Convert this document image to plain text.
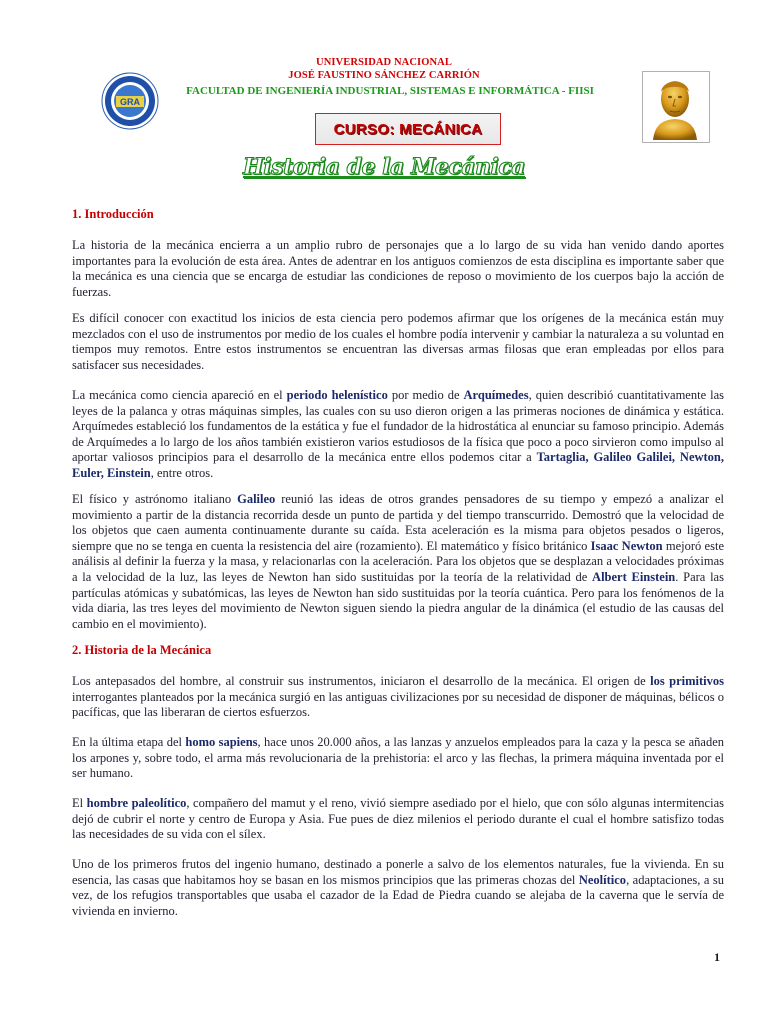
GRA
UNIVERSIDAD NACIONAL
JOSÉ FAUSTINO SÁNCHEZ CARRIÓN
FACULTAD DE INGENIERÍA INDUSTRIAL, SISTEMAS E INFORMÁTICA - FIISI
CURSO: MECÁNICA
Historia de la Mecánica
1. Introducción
La historia de la mecánica encierra a un amplio rubro de personajes que a lo largo de su vida han venido dando aportes importantes para la evolución de esta área. Antes de adentrar en los antiguos comienzos de esta disciplina es importante saber que la mecánica es una ciencia que se encarga de estudiar las condiciones de reposo o movimiento de los cuerpos bajo la acción de fuerzas.
Es difícil conocer con exactitud los inicios de esta ciencia pero podemos afirmar que los orígenes de la mecánica están muy mezclados con el uso de instrumentos por medio de los cuales el hombre podía intervenir y cambiar la naturaleza a su voluntad en tiempos muy remotos. Entre estos instrumentos se encuentran las diversas armas filosas que eran empleadas por ellos para satisfacer sus necesidades.
La mecánica como ciencia apareció en el periodo helenístico por medio de Arquímedes, quien describió cuantitativamente las leyes de la palanca y otras máquinas simples, las cuales con su uso dieron origen a las primeras nociones de dinámica y estática. Arquímedes estableció los fundamentos de la estática y fue el fundador de la hidrostática al enunciar su famoso principio. Además de Arquímedes a lo largo de los años también existieron varios estudiosos de la física que poco a poco sirvieron como impulso al aportar valiosos principios para el desarrollo de la mecánica entre ellos podemos citar a Tartaglia, Galileo Galilei, Newton, Euler, Einstein, entre otros.
El físico y astrónomo italiano Galileo reunió las ideas de otros grandes pensadores de su tiempo y empezó a analizar el movimiento a partir de la distancia recorrida desde un punto de partida y del tiempo transcurrido. Demostró que la velocidad de los objetos que caen aumenta continuamente durante su caída. Esta aceleración es la misma para objetos pesados o ligeros, siempre que no se tenga en cuenta la resistencia del aire (rozamiento). El matemático y físico británico Isaac Newton mejoró este análisis al definir la fuerza y la masa, y relacionarlas con la aceleración. Para los objetos que se desplazan a velocidades próximas a la velocidad de la luz, las leyes de Newton han sido sustituidas por la teoría de la relatividad de Albert Einstein. Para las partículas atómicas y subatómicas, las leyes de Newton han sido sustituidas por la teoría cuántica. Pero para los fenómenos de la vida diaria, las tres leyes del movimiento de Newton siguen siendo la piedra angular de la dinámica (el estudio de las causas del cambio en el movimiento).
2. Historia de la Mecánica
Los antepasados del hombre, al construir sus instrumentos, iniciaron el desarrollo de la mecánica. El origen de los primitivos interrogantes planteados por la mecánica surgió en las antiguas civilizaciones por su necesidad de disponer de máquinas, bélicos o pacíficas, que las liberaran de ciertos esfuerzos.
En la última etapa del homo sapiens, hace unos 20.000 años, a las lanzas y anzuelos empleados para la caza y la pesca se añaden los arpones y, sobre todo, el arma más revolucionaria de la prehistoria: el arco y las flechas, la primera máquina inventada por el ser humano.
El hombre paleolítico, compañero del mamut y el reno, vivió siempre asediado por el hielo, que con sólo algunas intermitencias dejó de cubrir el norte y centro de Europa y Asia. Fue pues de diez milenios el periodo durante el cual el hombre satisfizo todas las necesidades de su vida con el sílex.
Uno de los primeros frutos del ingenio humano, destinado a ponerle a salvo de los elementos naturales, fue la vivienda. En su esencia, las casas que habitamos hoy se basan en los mismos principios que las primeras chozas del Neolítico, adaptaciones, a su vez, de los refugios transportables que usaba el cazador de la Edad de Piedra cuando se alejaba de la caverna que le servía de vivienda en invierno.
1
